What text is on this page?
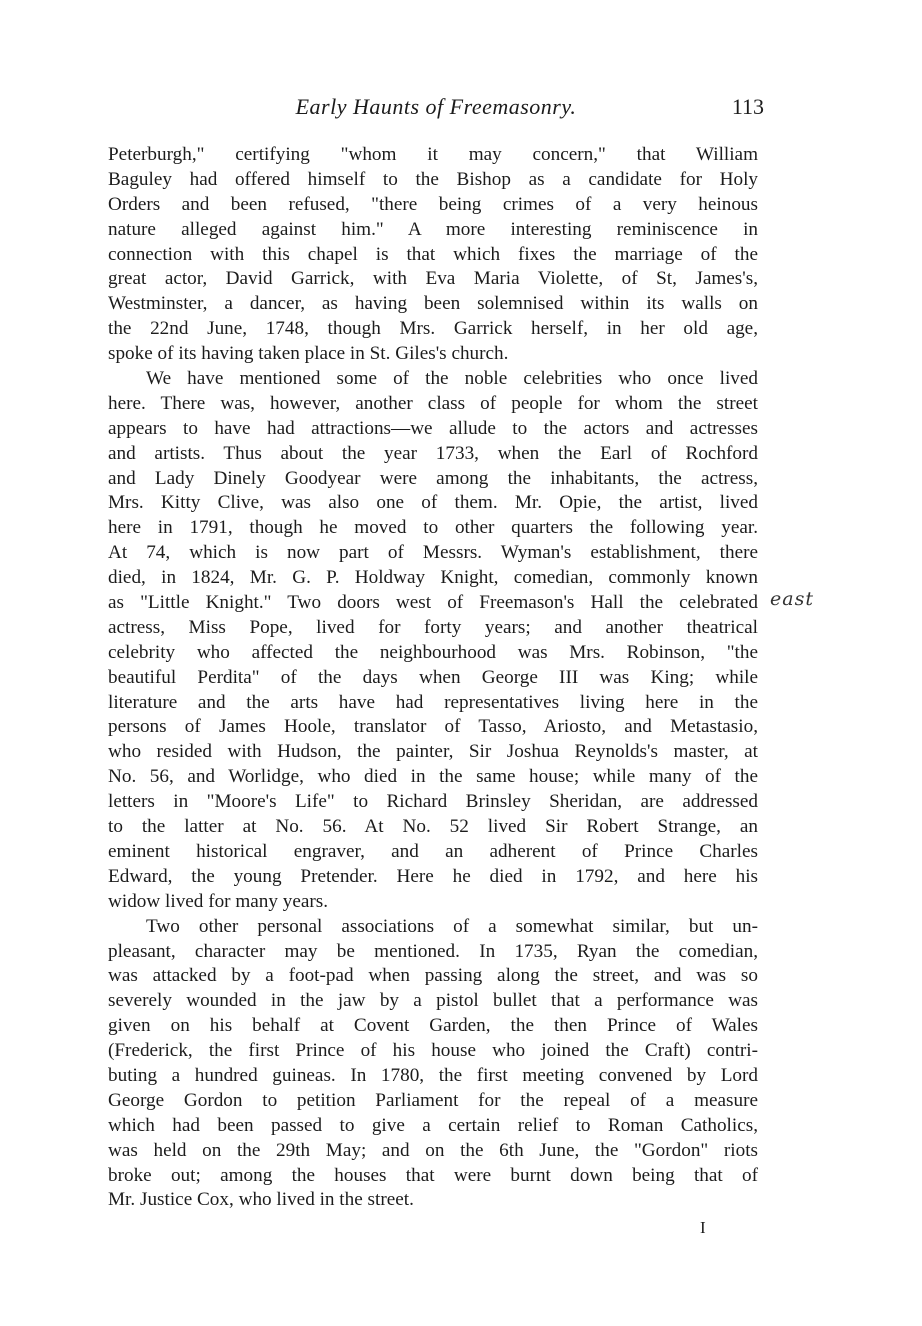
Early Haunts of Freemasonry.	113
Peterburgh," certifying "whom it may concern," that William
Baguley had offered himself to the Bishop as a candidate for Holy
Orders and been refused, "there being crimes of a very heinous
nature alleged against him." A more interesting reminiscence in
connection with this chapel is that which fixes the marriage of the
great actor, David Garrick, with Eva Maria Violette, of St, James's,
Westminster, a dancer, as having been solemnised within its walls on
the 22nd June, 1748, though Mrs. Garrick herself, in her old age,
spoke of its having taken place in St. Giles's church.
We have mentioned some of the noble celebrities who once lived
here. There was, however, another class of people for whom the street
appears to have had attractions—we allude to the actors and actresses
and artists. Thus about the year 1733, when the Earl of Rochford
and Lady Dinely Goodyear were among the inhabitants, the actress,
Mrs. Kitty Clive, was also one of them. Mr. Opie, the artist, lived
here in 1791, though he moved to other quarters the following year.
At 74, which is now part of Messrs. Wyman's establishment, there
died, in 1824, Mr. G. P. Holdway Knight, comedian, commonly known
as "Little Knight." Two doors west of Freemason's Hall the celebrated
actress, Miss Pope, lived for forty years; and another theatrical
celebrity who affected the neighbourhood was Mrs. Robinson, "the
beautiful Perdita" of the days when George III was King; while
literature and the arts have had representatives living here in the
persons of James Hoole, translator of Tasso, Ariosto, and Metastasio,
who resided with Hudson, the painter, Sir Joshua Reynolds's master, at
No. 56, and Worlidge, who died in the same house; while many of the
letters in "Moore's Life" to Richard Brinsley Sheridan, are addressed
to the latter at No. 56. At No. 52 lived Sir Robert Strange, an
eminent historical engraver, and an adherent of Prince Charles
Edward, the young Pretender. Here he died in 1792, and here his
widow lived for many years.
Two other personal associations of a somewhat similar, but un-
pleasant, character may be mentioned. In 1735, Ryan the comedian,
was attacked by a foot-pad when passing along the street, and was so
severely wounded in the jaw by a pistol bullet that a performance was
given on his behalf at Covent Garden, the then Prince of Wales
(Frederick, the first Prince of his house who joined the Craft) contri-
buting a hundred guineas. In 1780, the first meeting convened by Lord
George Gordon to petition Parliament for the repeal of a measure
which had been passed to give a certain relief to Roman Catholics,
was held on the 29th May; and on the 6th June, the "Gordon" riots
broke out; among the houses that were burnt down being that of
Mr. Justice Cox, who lived in the street.
east
I
